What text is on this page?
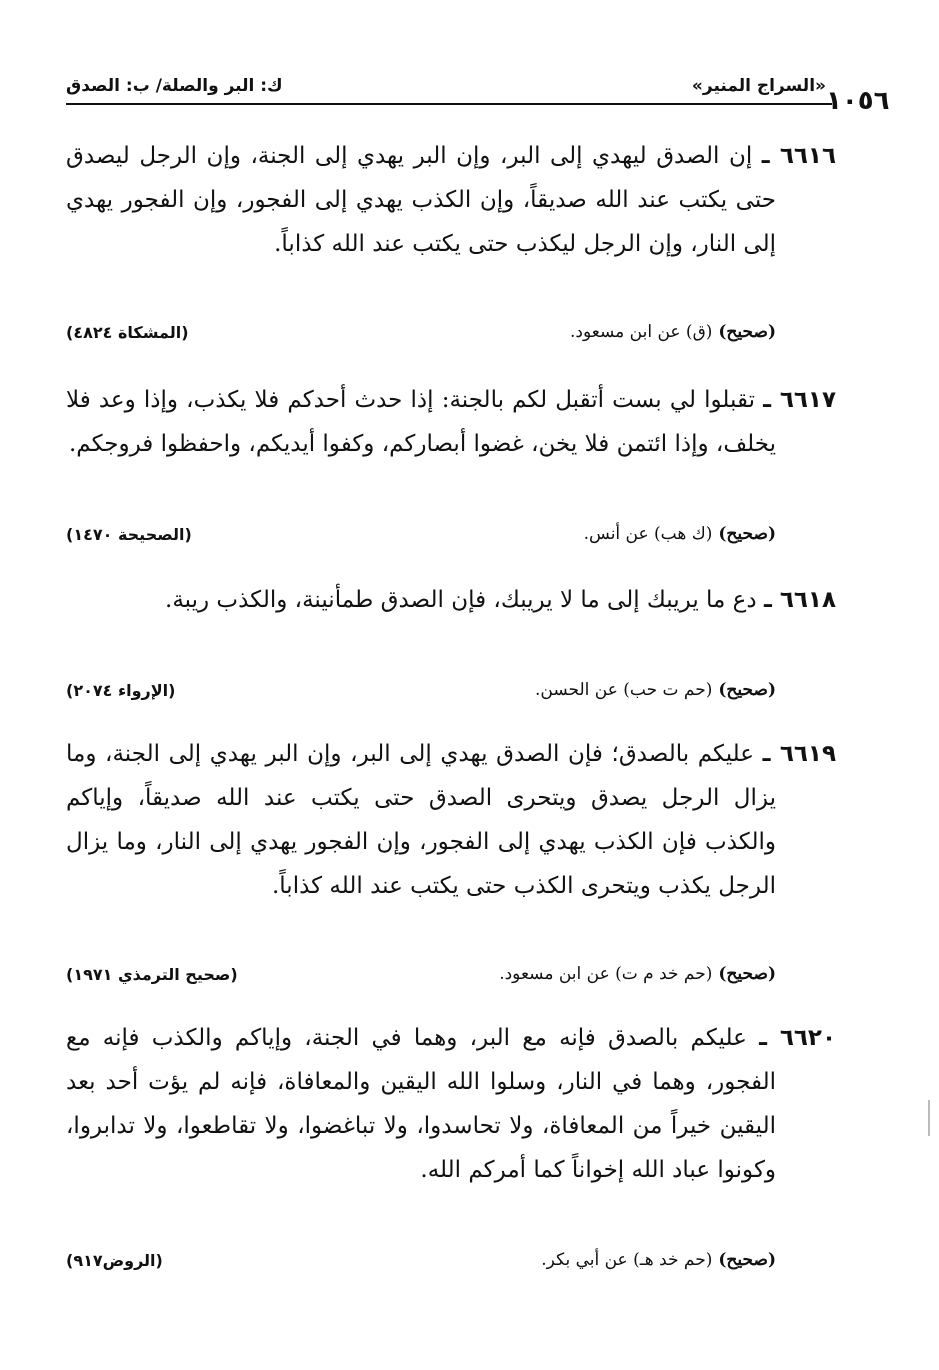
«السراج المنير»
ك: البر والصلة/ ب: الصدق	١٠٥٦
٦٦١٦ ـ إن الصدق ليهدي إلى البر، وإن البر يهدي إلى الجنة، وإن الرجل ليصدق حتى يكتب عند الله صديقاً، وإن الكذب يهدي إلى الفجور، وإن الفجور يهدي إلى النار، وإن الرجل ليكذب حتى يكتب عند الله كذاباً.
(صحيح)
(ق) عن ابن مسعود.
(المشكاة ٤٨٢٤)
٦٦١٧ ـ تقبلوا لي بست أتقبل لكم بالجنة: إذا حدث أحدكم فلا يكذب، وإذا وعد فلا يخلف، وإذا ائتمن فلا يخن، غضوا أبصاركم، وكفوا أيديكم، واحفظوا فروجكم.
(صحيح)
(ك هب) عن أنس.
(الصحيحة ١٤٧٠)
٦٦١٨ ـ دع ما يريبك إلى ما لا يريبك، فإن الصدق طمأنينة، والكذب ريبة.
(صحيح)
(حم ت حب) عن الحسن.
(الإرواء ٢٠٧٤)
٦٦١٩ ـ عليكم بالصدق؛ فإن الصدق يهدي إلى البر، وإن البر يهدي إلى الجنة، وما يزال الرجل يصدق ويتحرى الصدق حتى يكتب عند الله صديقاً، وإياكم والكذب فإن الكذب يهدي إلى الفجور، وإن الفجور يهدي إلى النار، وما يزال الرجل يكذب ويتحرى الكذب حتى يكتب عند الله كذاباً.
(صحيح)
(حم خد م ت) عن ابن مسعود.
(صحيح الترمذي ١٩٧١)
٦٦٢٠ ـ عليكم بالصدق فإنه مع البر، وهما في الجنة، وإياكم والكذب فإنه مع الفجور، وهما في النار، وسلوا الله اليقين والمعافاة، فإنه لم يؤت أحد بعد اليقين خيراً من المعافاة، ولا تحاسدوا، ولا تباغضوا، ولا تقاطعوا، ولا تدابروا، وكونوا عباد الله إخواناً كما أمركم الله.
(صحيح)
(حم خد هـ) عن أبي بكر.
(الروض٩١٧)
